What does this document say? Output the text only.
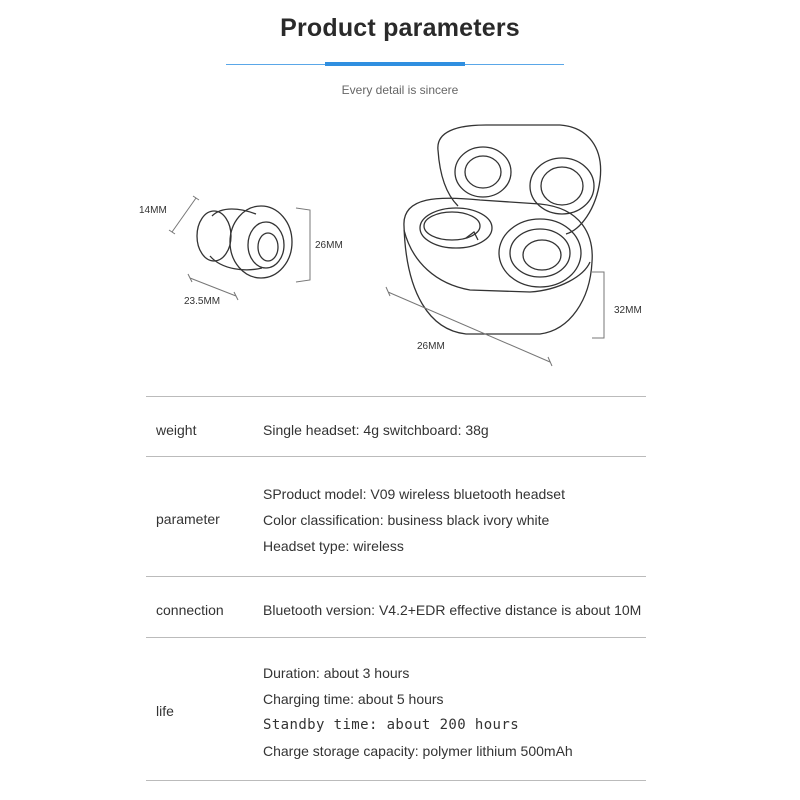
Product parameters
Every detail is sincere
14MM
26MM
23.5MM
32MM
26MM
weight	Single headset: 4g switchboard: 38g
parameter
SProduct model: V09 wireless bluetooth headset
Color classification: business black ivory white
Headset type: wireless
connection	Bluetooth version: V4.2+EDR effective distance is about 10M
life
Duration: about 3 hours
Charging time: about 5 hours
Standby time: about 200 hours
Charge storage capacity: polymer lithium 500mAh
